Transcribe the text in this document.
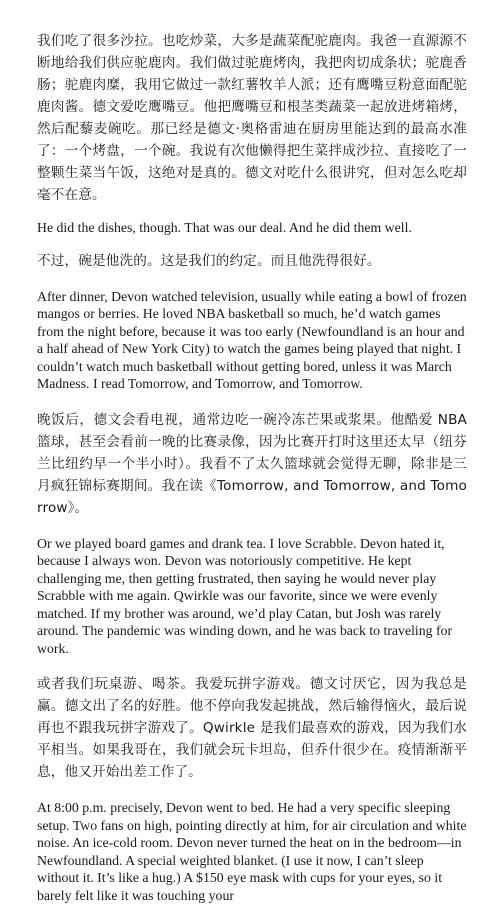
我们吃了很多沙拉。也吃炒菜，大多是蔬菜配驼鹿肉。我爸一直源源不断地给我们供应驼鹿肉。我们做过驼鹿烤肉，我把肉切成条状；驼鹿香肠；驼鹿肉糜，我用它做过一款红薯牧羊人派；还有鹰嘴豆粉意面配驼鹿肉酱。德文爱吃鹰嘴豆。他把鹰嘴豆和根茎类蔬菜一起放进烤箱烤，然后配藜麦碗吃。那已经是德文·奥格雷迪在厨房里能达到的最高水准了：一个烤盘，一个碗。我说有次他懒得把生菜拌成沙拉、直接吃了一整颗生菜当午饭，这绝对是真的。德文对吃什么很讲究，但对怎么吃却毫不在意。

He did the dishes, though. That was our deal. And he did them well.

不过，碗是他洗的。这是我们的约定。而且他洗得很好。

After dinner, Devon watched television, usually while eating a bowl of frozen mangos or berries. He loved NBA basketball so much, he’d watch games from the night before, because it was too early (Newfoundland is an hour and a half ahead of New York City) to watch the games being played that night. I couldn’t watch much basketball without getting bored, unless it was March Madness. I read Tomorrow, and Tomorrow, and Tomorrow.

晚饭后，德文会看电视，通常边吃一碗冷冻芒果或浆果。他酷爱 NBA 篮球，甚至会看前一晚的比赛录像，因为比赛开打时这里还太早（纽芬兰比纽约早一个半小时）。我看不了太久篮球就会觉得无聊，除非是三月疯狂锦标赛期间。我在读《Tomorrow, and Tomorrow, and Tomorrow》。

Or we played board games and drank tea. I love Scrabble. Devon hated it, because I always won. Devon was notoriously competitive. He kept challenging me, then getting frustrated, then saying he would never play Scrabble with me again. Qwirkle was our favorite, since we were evenly matched. If my brother was around, we’d play Catan, but Josh was rarely around. The pandemic was winding down, and he was back to traveling for work.

或者我们玩桌游、喝茶。我爱玩拼字游戏。德文讨厌它，因为我总是赢。德文出了名的好胜。他不停向我发起挑战，然后输得恼火，最后说再也不跟我玩拼字游戏了。Qwirkle 是我们最喜欢的游戏，因为我们水平相当。如果我哥在，我们就会玩卡坦岛，但乔什很少在。疫情渐渐平息，他又开始出差工作了。

At 8:00 p.m. precisely, Devon went to bed. He had a very specific sleeping setup. Two fans on high, pointing directly at him, for air circulation and white noise. An ice-cold room. Devon never turned the heat on in the bedroom—in Newfoundland. A special weighted blanket. (I use it now, I can’t sleep without it. It’s like a hug.) A $150 eye mask with cups for your eyes, so it barely felt like it was touching your
